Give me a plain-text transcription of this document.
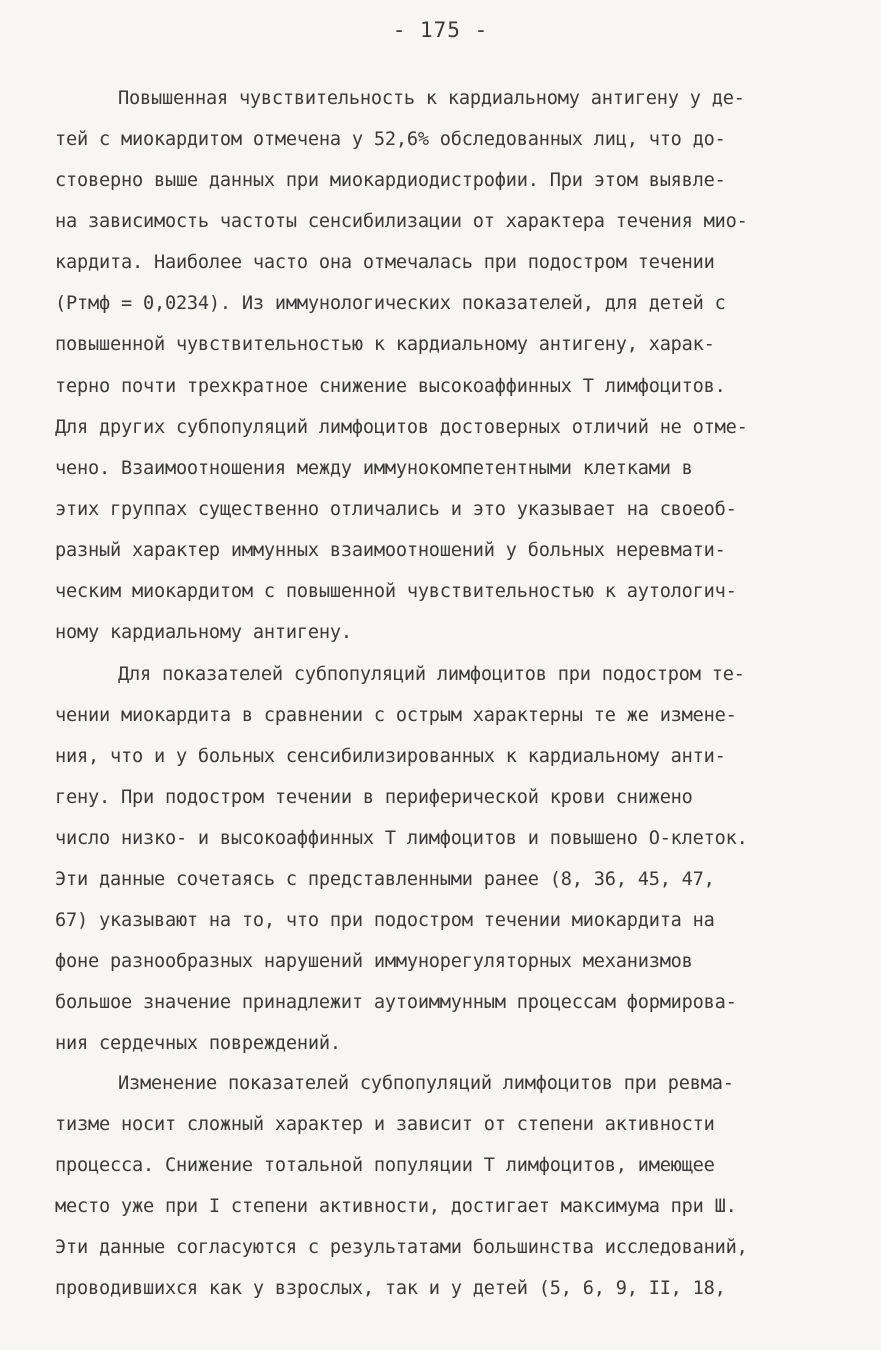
- 175 -
Повышенная чувствительность к кардиальному антигену у де-
тей с миокардитом отмечена у 52,6% обследованных лиц, что до-
стоверно выше данных при миокардиодистрофии. При этом выявле-
на зависимость частоты сенсибилизации от характера течения мио-
кардита. Наиболее часто она отмечалась при подостром течении
(Ртмф = 0,0234). Из иммунологических показателей, для детей с
повышенной чувствительностью к кардиальному антигену, харак-
терно почти трехкратное снижение высокоаффинных Т лимфоцитов.
Для других субпопуляций лимфоцитов достоверных отличий не отме-
чено. Взаимоотношения между иммунокомпетентными клетками в
этих группах существенно отличались и это указывает на своеоб-
разный характер иммунных взаимоотношений у больных неревмати-
ческим миокардитом с повышенной чувствительностью к аутологич-
ному кардиальному антигену.
Для показателей субпопуляций лимфоцитов при подостром те-
чении миокардита в сравнении с острым характерны те же измене-
ния, что и у больных сенсибилизированных к кардиальному анти-
гену. При подостром течении в периферической крови снижено
число низко- и высокоаффинных Т лимфоцитов и повышено О-клеток.
Эти данные сочетаясь с представленными ранее (8, 36, 45, 47,
67) указывают на то, что при подостром течении миокардита на
фоне разнообразных нарушений иммунорегуляторных механизмов
большое значение принадлежит аутоиммунным процессам формирова-
ния сердечных повреждений.
Изменение показателей субпопуляций лимфоцитов при ревма-
тизме носит сложный характер и зависит от степени активности
процесса. Снижение тотальной популяции Т лимфоцитов, имеющее
место уже при I степени активности, достигает максимума при Ш.
Эти данные согласуются с результатами большинства исследований,
проводившихся как у взрослых, так и у детей (5, 6, 9, II, 18,
